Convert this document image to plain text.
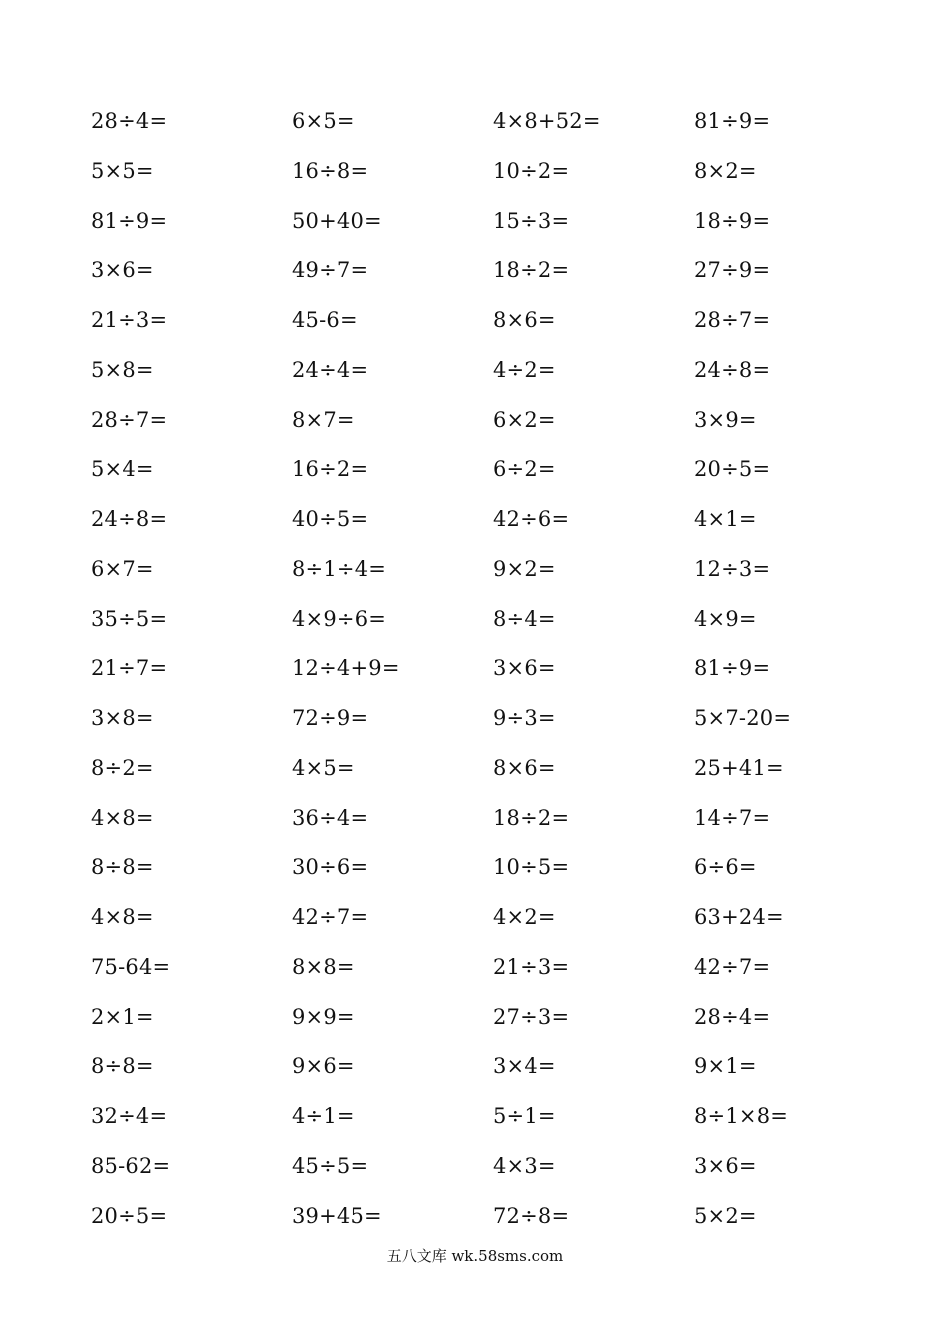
28÷4=	6×5=	4×8+52=	81÷9=
5×5=	16÷8=	10÷2=	8×2=
81÷9=	50+40=	15÷3=	18÷9=
3×6=	49÷7=	18÷2=	27÷9=
21÷3=	45-6=	8×6=	28÷7=
5×8=	24÷4=	4÷2=	24÷8=
28÷7=	8×7=	6×2=	3×9=
5×4=	16÷2=	6÷2=	20÷5=
24÷8=	40÷5=	42÷6=	4×1=
6×7=	8÷1÷4=	9×2=	12÷3=
35÷5=	4×9÷6=	8÷4=	4×9=
21÷7=	12÷4+9=	3×6=	81÷9=
3×8=	72÷9=	9÷3=	5×7-20=
8÷2=	4×5=	8×6=	25+41=
4×8=	36÷4=	18÷2=	14÷7=
8÷8=	30÷6=	10÷5=	6÷6=
4×8=	42÷7=	4×2=	63+24=
75-64=	8×8=	21÷3=	42÷7=
2×1=	9×9=	27÷3=	28÷4=
8÷8=	9×6=	3×4=	9×1=
32÷4=	4÷1=	5÷1=	8÷1×8=
85-62=	45÷5=	4×3=	3×6=
20÷5=	39+45=	72÷8=	5×2=
五八文库 wk.58sms.com
